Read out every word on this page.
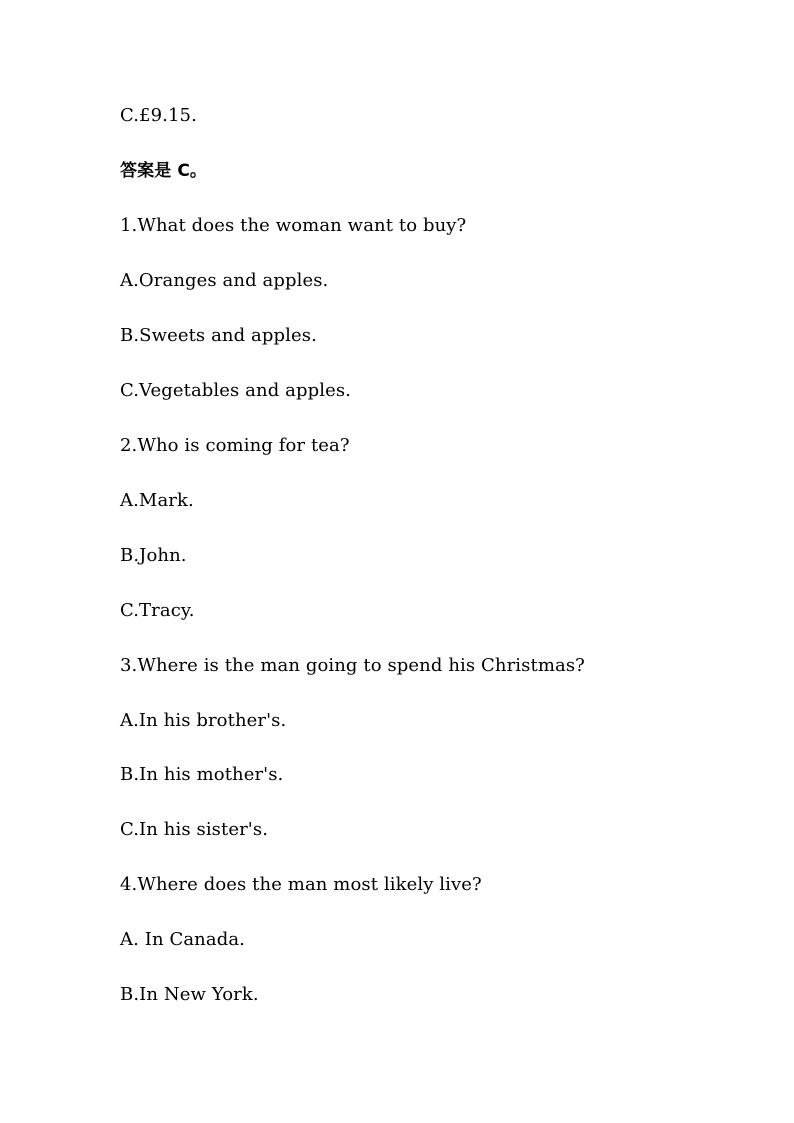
C.£9.15.

答案是 C。

1.What does the woman want to buy?

A.Oranges and apples.

B.Sweets and apples.

C.Vegetables and apples.

2.Who is coming for tea?

A.Mark.

B.John.

C.Tracy.

3.Where is the man going to spend his Christmas?

A.In his brother's.

B.In his mother's.

C.In his sister's.

4.Where does the man most likely live?

A. In Canada.

B.In New York.
